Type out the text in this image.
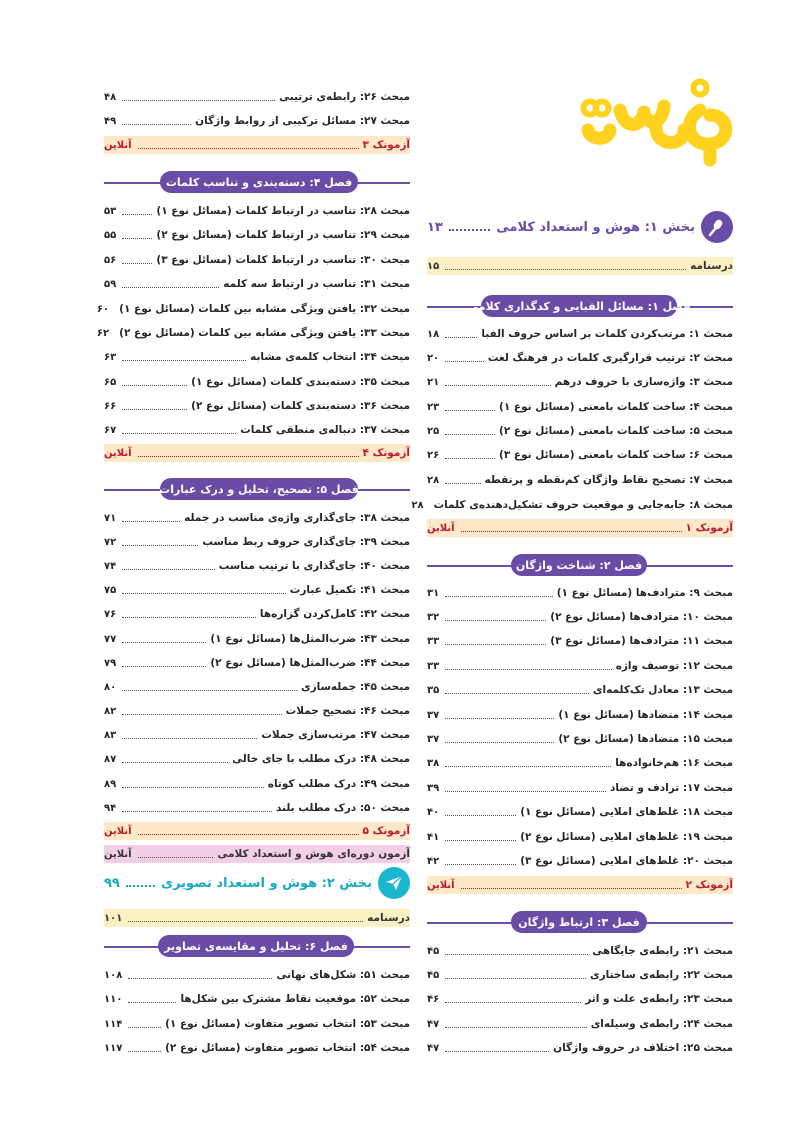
فهرست
بخش ۱: هوش و استعداد کلامی
۱۳
درسنامه
۱۵
فصل ۱: مسائل الفبایی و کدگذاری کلامی
مبحث ۱: مرتب‌کردن کلمات بر اساس حروف الفبا
۱۸
مبحث ۲: ترتیب قرارگیری کلمات در فرهنگ لغت
۲۰
مبحث ۳: واژه‌سازی با حروف درهم
۲۱
مبحث ۴: ساخت کلمات بامعنی (مسائل نوع ۱)
۲۳
مبحث ۵: ساخت کلمات بامعنی (مسائل نوع ۲)
۲۵
مبحث ۶: ساخت کلمات بامعنی (مسائل نوع ۳)
۲۶
مبحث ۷: تصحیح نقاط واژگان کم‌نقطه و پرنقطه
۲۸
مبحث ۸: جابه‌جایی و موقعیت حروف تشکیل‌دهنده‌ی کلمات
۲۸
آزمونک ۱
آنلاین
فصل ۲: شناخت واژگان
مبحث ۹: مترادف‌ها (مسائل نوع ۱)
۳۱
مبحث ۱۰: مترادف‌ها (مسائل نوع ۲)
۳۲
مبحث ۱۱: مترادف‌ها (مسائل نوع ۳)
۳۳
مبحث ۱۲: توصیف واژه
۳۳
مبحث ۱۳: معادل تک‌کلمه‌ای
۳۵
مبحث ۱۴: متضادها (مسائل نوع ۱)
۳۷
مبحث ۱۵: متضادها (مسائل نوع ۲)
۳۷
مبحث ۱۶: هم‌خانواده‌ها
۳۸
مبحث ۱۷: ترادف و تضاد
۳۹
مبحث ۱۸: غلط‌های املایی (مسائل نوع ۱)
۴۰
مبحث ۱۹: غلط‌های املایی (مسائل نوع ۲)
۴۱
مبحث ۲۰: غلط‌های املایی (مسائل نوع ۳)
۴۲
آزمونک ۲
آنلاین
فصل ۳: ارتباط واژگان
مبحث ۲۱: رابطه‌ی جایگاهی
۴۵
مبحث ۲۲: رابطه‌ی ساختاری
۴۵
مبحث ۲۳: رابطه‌ی علت و اثر
۴۶
مبحث ۲۴: رابطه‌ی وسیله‌ای
۴۷
مبحث ۲۵: اختلاف در حروف واژگان
۴۷
مبحث ۲۶: رابطه‌ی ترتیبی
۴۸
مبحث ۲۷: مسائل ترکیبی از روابط واژگان
۴۹
آزمونک ۳
آنلاین
فصل ۴: دسته‌بندی و تناسب کلمات
مبحث ۲۸: تناسب در ارتباط کلمات (مسائل نوع ۱)
۵۳
مبحث ۲۹: تناسب در ارتباط کلمات (مسائل نوع ۲)
۵۵
مبحث ۳۰: تناسب در ارتباط کلمات (مسائل نوع ۳)
۵۶
مبحث ۳۱: تناسب در ارتباط سه کلمه
۵۹
مبحث ۳۲: یافتن ویژگی مشابه بین کلمات (مسائل نوع ۱)
۶۰
مبحث ۳۳: یافتن ویژگی مشابه بین کلمات (مسائل نوع ۲)
۶۲
مبحث ۳۴: انتخاب کلمه‌ی مشابه
۶۳
مبحث ۳۵: دسته‌بندی کلمات (مسائل نوع ۱)
۶۵
مبحث ۳۶: دسته‌بندی کلمات (مسائل نوع ۲)
۶۶
مبحث ۳۷: دنباله‌ی منطقی کلمات
۶۷
آزمونک ۴
آنلاین
فصل ۵: تصحیح، تحلیل و درک عبارات
مبحث ۳۸: جای‌گذاری واژه‌ی مناسب در جمله
۷۱
مبحث ۳۹: جای‌گذاری حروف ربط مناسب
۷۲
مبحث ۴۰: جای‌گذاری با ترتیب مناسب
۷۴
مبحث ۴۱: تکمیل عبارت
۷۵
مبحث ۴۲: کامل‌کردن گزاره‌ها
۷۶
مبحث ۴۳: ضرب‌المثل‌ها (مسائل نوع ۱)
۷۷
مبحث ۴۴: ضرب‌المثل‌ها (مسائل نوع ۲)
۷۹
مبحث ۴۵: جمله‌سازی
۸۰
مبحث ۴۶: تصحیح جملات
۸۲
مبحث ۴۷: مرتب‌سازی جملات
۸۳
مبحث ۴۸: درک مطلب با جای خالی
۸۷
مبحث ۴۹: درک مطلب کوتاه
۸۹
مبحث ۵۰: درک مطلب بلند
۹۴
آزمونک ۵
آنلاین
آزمون دوره‌ای هوش و استعداد کلامی
آنلاین
بخش ۲: هوش و استعداد تصویری
۹۹
درسنامه
۱۰۱
فصل ۶: تحلیل و مقایسه‌ی تصاویر
مبحث ۵۱: شکل‌های نهانی
۱۰۸
مبحث ۵۲: موقعیت نقاط مشترک بین شکل‌ها
۱۱۰
مبحث ۵۳: انتخاب تصویر متفاوت (مسائل نوع ۱)
۱۱۴
مبحث ۵۴: انتخاب تصویر متفاوت (مسائل نوع ۲)
۱۱۷
